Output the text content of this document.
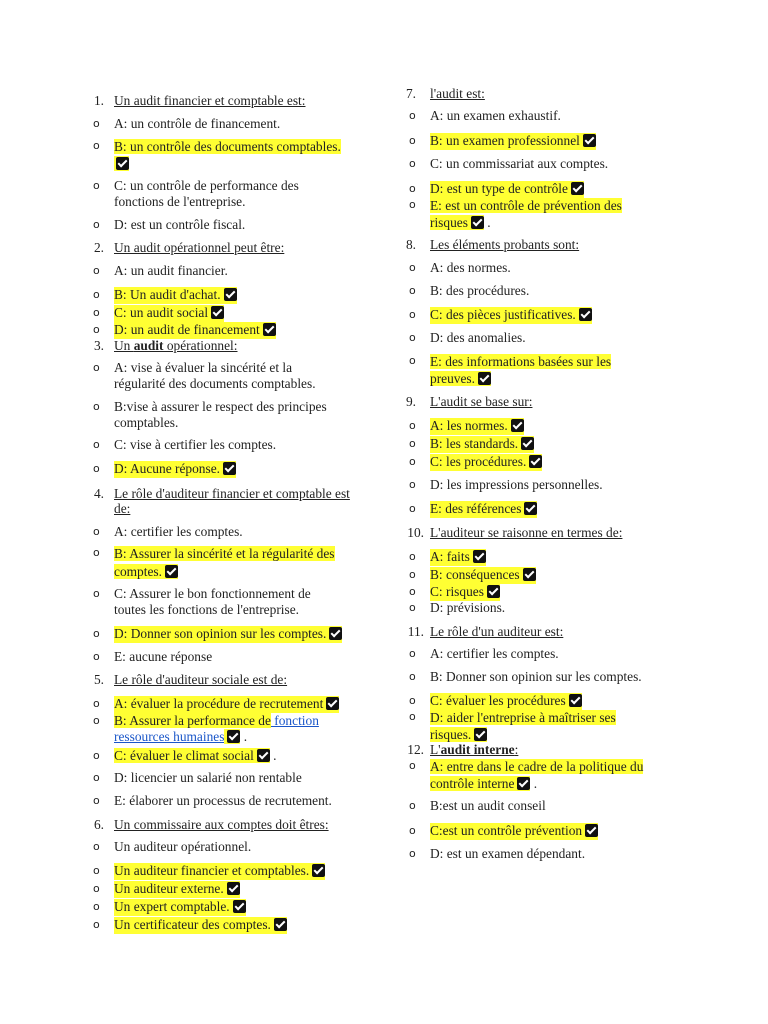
1. Un audit financier et comptable est:
o A: un contrôle de financement.
o B: un contrôle des documents comptables.

o C: un contrôle de performance des fonctions de l'entreprise.
o D: est un contrôle fiscal.
2. Un audit opérationnel peut être:
o A: un audit financier.
o B: Un audit d'achat.
o C: un audit social
o D: un audit de financement
3. Un audit opérationnel:
o A: vise à évaluer la sincérité et la régularité des documents comptables.
o B:vise à assurer le respect des principes comptables.
o C: vise à certifier les comptes.
o D: Aucune réponse.
4. Le rôle d'auditeur financier et comptable est de:
o A: certifier les comptes.
o B: Assurer la sincérité et la régularité des comptes.
o C: Assurer le bon fonctionnement de toutes les fonctions de l'entreprise.
o D: Donner son opinion sur les comptes.
o E: aucune réponse
5. Le rôle d'auditeur sociale est de:
o A: évaluer la procédure de recrutement
o B: Assurer la performance de fonction ressources humaines .
o C: évaluer le climat social .
o D: licencier un salarié non rentable
o E: élaborer un processus de recrutement.
6. Un commissaire aux comptes doit êtres:
o Un auditeur opérationnel.
o Un auditeur financier et comptables.
o Un auditeur externe.
o Un expert comptable.
o Un certificateur des comptes.
7. l'audit est:
o A: un examen exhaustif.
o B: un examen professionnel
o C: un commissariat aux comptes.
o D: est un type de contrôle
o E: est un contrôle de prévention des risques .
8. Les éléments probants sont:
o A: des normes.
o B: des procédures.
o C: des pièces justificatives.
o D: des anomalies.
o E: des informations basées sur les preuves.
9. L'audit se base sur:
o A: les normes.
o B: les standards.
o C: les procédures.
o D: les impressions personnelles.
o E: des références
10. L'auditeur se raisonne en termes de:
o A: faits
o B: conséquences
o C: risques
o D: prévisions.
11. Le rôle d'un auditeur est:
o A: certifier les comptes.
o B: Donner son opinion sur les comptes.
o C: évaluer les procédures
o D: aider l'entreprise à maîtriser ses risques.
12. L'audit interne:
o A: entre dans le cadre de la politique du contrôle interne .
o B:est un audit conseil
o C:est un contrôle prévention
o D: est un examen dépendant.
